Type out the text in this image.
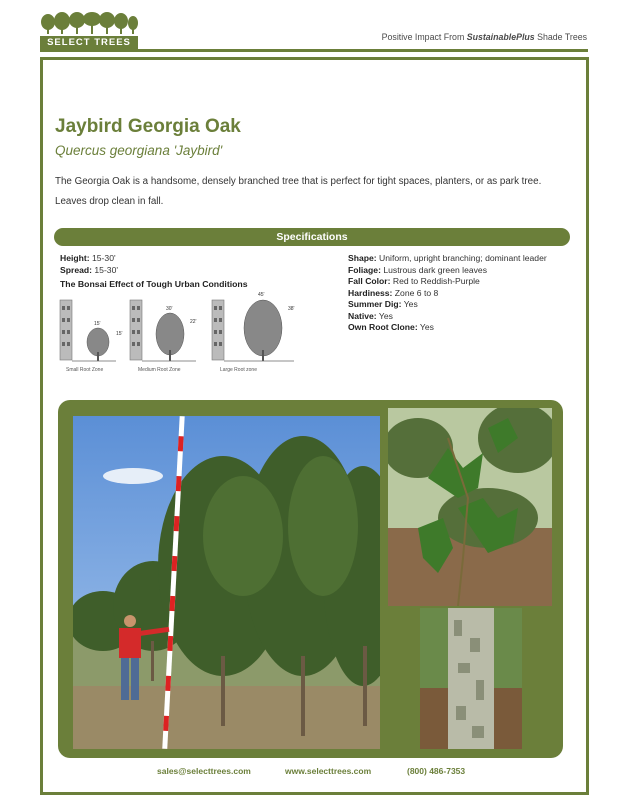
SELECT TREES	Positive Impact From SustainablePlus Shade Trees
Jaybird Georgia Oak
Quercus georgiana 'Jaybird'
The Georgia Oak is a handsome, densely branched tree that is perfect for tight spaces, planters, or as park tree. Leaves drop clean in fall.
Specifications
Height: 15-30'
Spread: 15-30'
Shape: Uniform, upright branching; dominant leader
Foliage: Lustrous dark green leaves
Fall Color: Red to Reddish-Purple
Hardiness: Zone 6 to 8
Summer Dig: Yes
Native: Yes
Own Root Clone: Yes
The Bonsai Effect of Tough Urban Conditions
15'
15'
Small Root Zone
30'
22'
Medium Root Zone
45'
38'
Large Root zone
sales@selecttrees.com	www.selecttrees.com	(800) 486-7353
